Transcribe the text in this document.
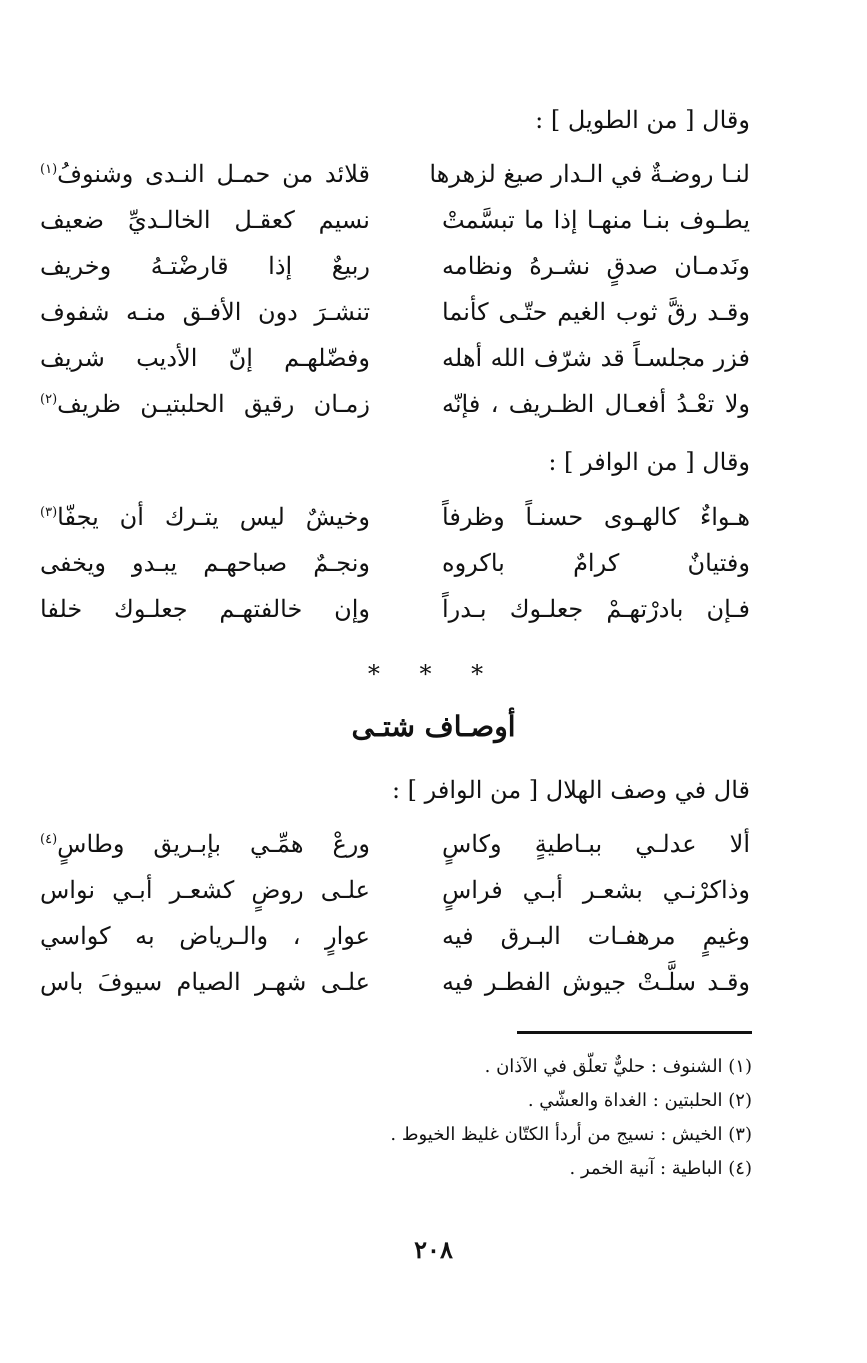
وقال [ من الطويل ] :
لنـا روضـةٌ في الـدار صيغ لزهرها
قلائد من حمـل النـدى وشنوفُ$^{(١)}$
يطـوف بنـا منهـا إذا ما تبسَّمتْ
نسيم كعقـل الخالـديِّ ضعيف
ونَدمـان صدقٍ نشـرهُ ونظامه
ربيعٌ إذا قارضْتـهُ وخريف
وقـد رقَّ ثوب الغيم حتّـى كأنما
تنشـرَ دون الأفـق منـه شفوف
فزر مجلسـاً قد شرّف الله أهله
وفضّلهـم إنّ الأديب شريف
ولا تعْـدُ أفعـال الظـريف ، فإنّه
زمـان رقيق الحلبتيـن ظريف$^{(٢)}$
وقال [ من الوافر ] :
هـواءٌ كالهـوى حسنـاً وظرفاً
وخيشٌ ليس يتـرك أن يجفّا$^{(٣)}$
وفتيانٌ كرامٌ باكروه
ونجـمٌ صباحهـم يبـدو ويخفى
فـإن بادرْتهـمْ جعلـوك بـدراً
وإن خالفتهـم جعلـوك خلفا
* * *
أوصـاف شتـى
قال في وصف الهلال [ من الوافر ] :
ألا عدلـي ببـاطيةٍ وكاسٍ
ورعْ همِّـي بإبـريق وطاسٍ$^{(٤)}$
وذاكرْنـي بشعـر أبـي فراسٍ
علـى روضٍ كشعـر أبـي نواس
وغيمٍ مرهفـات البـرق فيه
عوارٍ ، والـرياض به كواسي
وقـد سلَّـتْ جيوش الفطـر فيه
علـى شهـر الصيام سيوفَ باس
(١) الشنوف : حليٌّ تعلّق في الآذان .
(٢) الحلبتين : الغداة والعشّي .
(٣) الخيش : نسيج من أردأ الكتّان غليظ الخيوط .
(٤) الباطية : آنية الخمر .
٢٠٨
